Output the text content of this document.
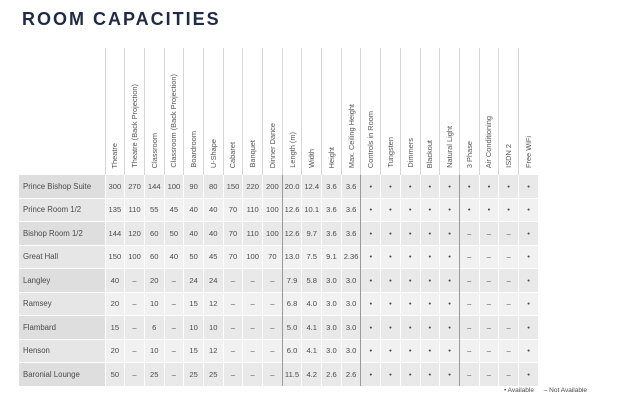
ROOM CAPACITIES
	Theatre	Theatre (Back Projection)	Classroom	Classroom (Back Projection)	Boardroom	U-Shape	Cabaret	Banquet	Dinner Dance	Length (m)	Width	Height	Max. Ceiling Height	Controls in Room	Tungsten	Dimmers	Blackout	Natural Light	3 Phase	Air Conditioning	ISDN 2	Free WiFi
Prince Bishop Suite	300	270	144	100	90	80	150	220	200	20.0	12.4	3.6	3.6	•	•	•	•	•	•	•	•	•
Prince Room 1/2	135	110	55	45	40	40	70	110	100	12.6	10.1	3.6	3.6	•	•	•	•	•	•	•	•	•
Bishop Room 1/2	144	120	60	50	40	40	70	110	100	12.6	9.7	3.6	3.6	•	•	•	•	•	–	–	–	•
Great Hall	150	100	60	40	50	45	70	100	70	13.0	7.5	9.1	2.36	•	•	•	•	•	–	–	–	•
Langley	40	–	20	–	24	24	–	–	–	7.9	5.8	3.0	3.0	•	•	•	•	•	–	–	–	•
Ramsey	20	–	10	–	15	12	–	–	–	6.8	4.0	3.0	3.0	•	•	•	•	•	–	–	–	•
Flambard	15	–	6	–	10	10	–	–	–	5.0	4.1	3.0	3.0	•	•	•	•	•	–	–	–	•
Henson	20	–	10	–	15	12	–	–	–	6.0	4.1	3.0	3.0	•	•	•	•	•	–	–	–	•
Baronial Lounge	50	–	25	–	25	25	–	–	–	11.5	4.2	2.6	2.6	•	•	•	•	•	–	–	–	•
• Available – Not Available
